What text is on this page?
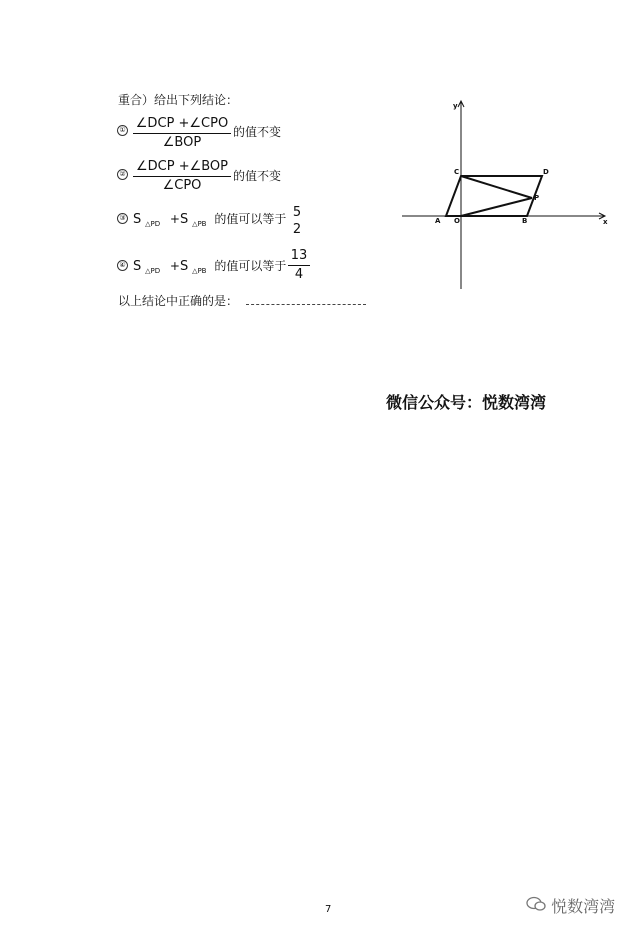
重合）给出下列结论：
① ∠DCP +∠CPO
∠BOP
的值不变
② ∠DCP +∠BOP
∠CPO
的值不变
③ S $_{\triangle PD}$ +S $_{\triangle PB}$ 的值可以等于 5
2
④ S $_{\triangle PD}$ +S $_{\triangle PB}$ 的值可以等于
13
4
以上结论中正确的是：
y
x
C	D
P
A O	B
微信公众号：悦数湾湾
7	悦数湾湾
